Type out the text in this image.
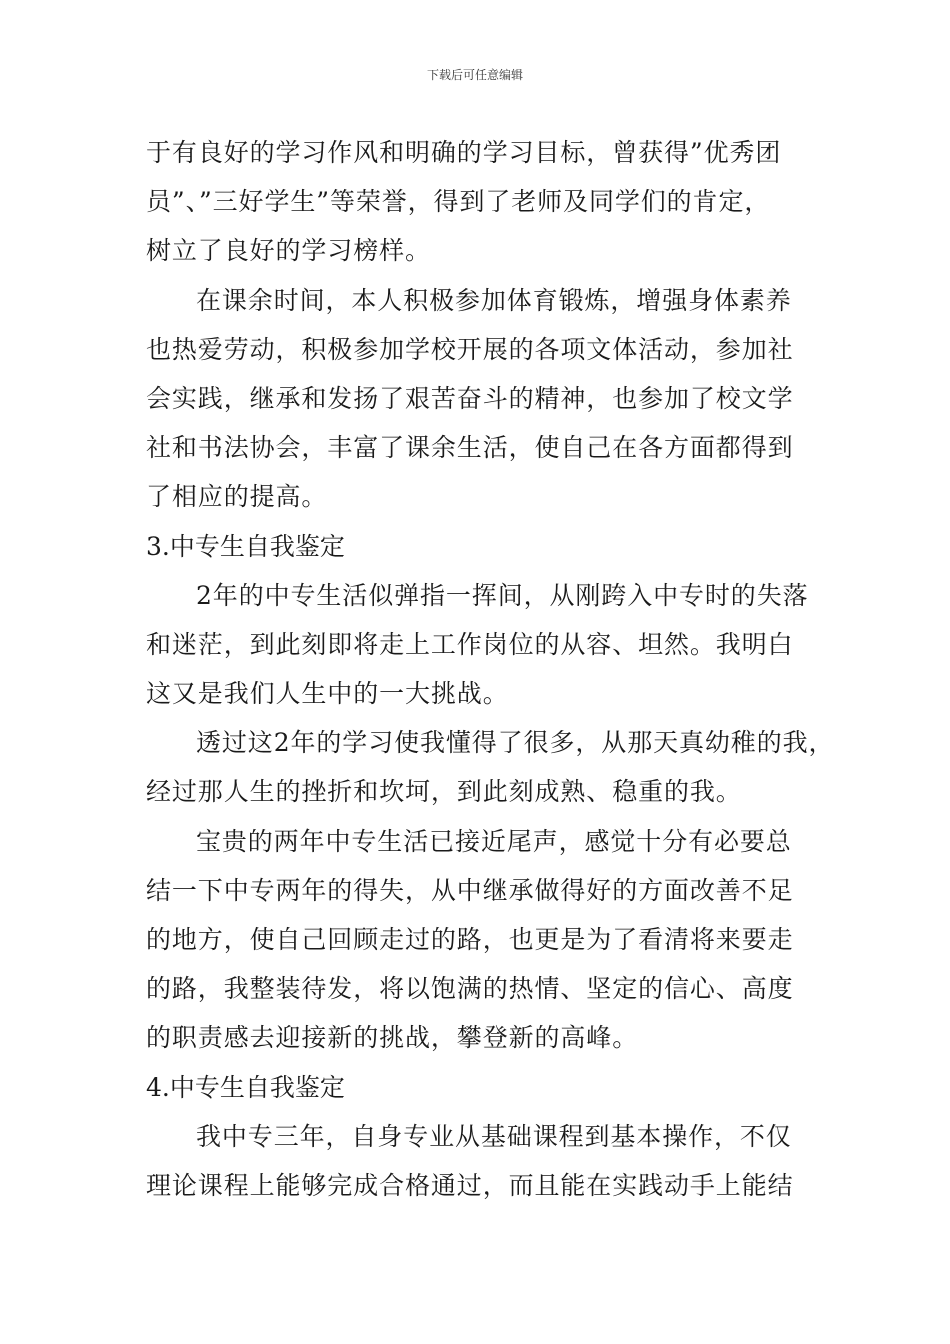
下载后可任意编辑
于有良好的学习作风和明确的学习目标，曾获得”优秀团
员”、”三好学生”等荣誉，得到了老师及同学们的肯定，
树立了良好的学习榜样。
在课余时间，本人积极参加体育锻炼，增强身体素养
也热爱劳动，积极参加学校开展的各项文体活动，参加社
会实践，继承和发扬了艰苦奋斗的精神，也参加了校文学
社和书法协会，丰富了课余生活，使自己在各方面都得到
了相应的提高。
3.中专生自我鉴定
2年的中专生活似弹指一挥间，从刚跨入中专时的失落
和迷茫，到此刻即将走上工作岗位的从容、坦然。我明白
这又是我们人生中的一大挑战。
透过这2年的学习使我懂得了很多，从那天真幼稚的我，
经过那人生的挫折和坎坷，到此刻成熟、稳重的我。
宝贵的两年中专生活已接近尾声，感觉十分有必要总
结一下中专两年的得失，从中继承做得好的方面改善不足
的地方，使自己回顾走过的路，也更是为了看清将来要走
的路，我整装待发，将以饱满的热情、坚定的信心、高度
的职责感去迎接新的挑战，攀登新的高峰。
4.中专生自我鉴定
我中专三年，自身专业从基础课程到基本操作，不仅
理论课程上能够完成合格通过，而且能在实践动手上能结
